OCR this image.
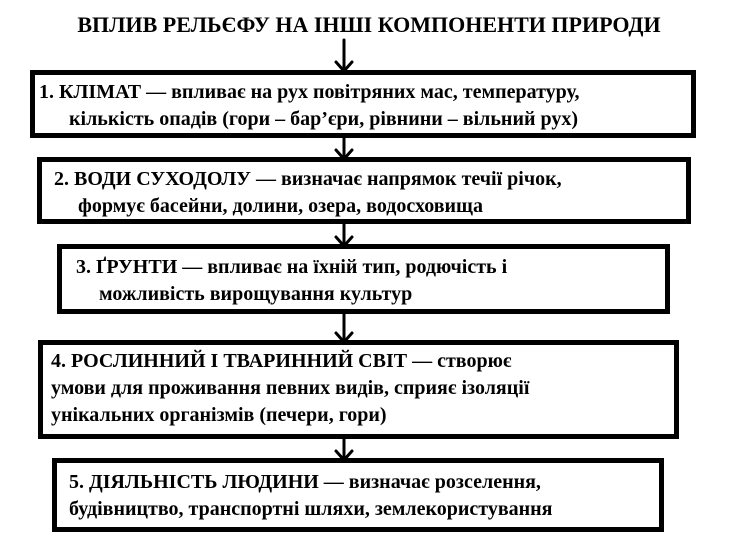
ВПЛИВ РЕЛЬЄФУ НА ІНШІ КОМПОНЕНТИ ПРИРОДИ
1. КЛІМАТ — впливає на рух повітряних мас, температуру,
кількість опадів (гори – бар’єри, рівнини – вільний рух)
2. ВОДИ СУХОДОЛУ — визначає напрямок течії річок,
формує басейни, долини, озера, водосховища
3. ҐРУНТИ — впливає на їхній тип, родючість і
можливість вирощування культур
4. РОСЛИННИЙ І ТВАРИННИЙ СВІТ — створює
умови для проживання певних видів, сприяє ізоляції
унікальних організмів (печери, гори)
5. ДІЯЛЬНІСТЬ ЛЮДИНИ — визначає розселення,
будівництво, транспортні шляхи, землекористування
